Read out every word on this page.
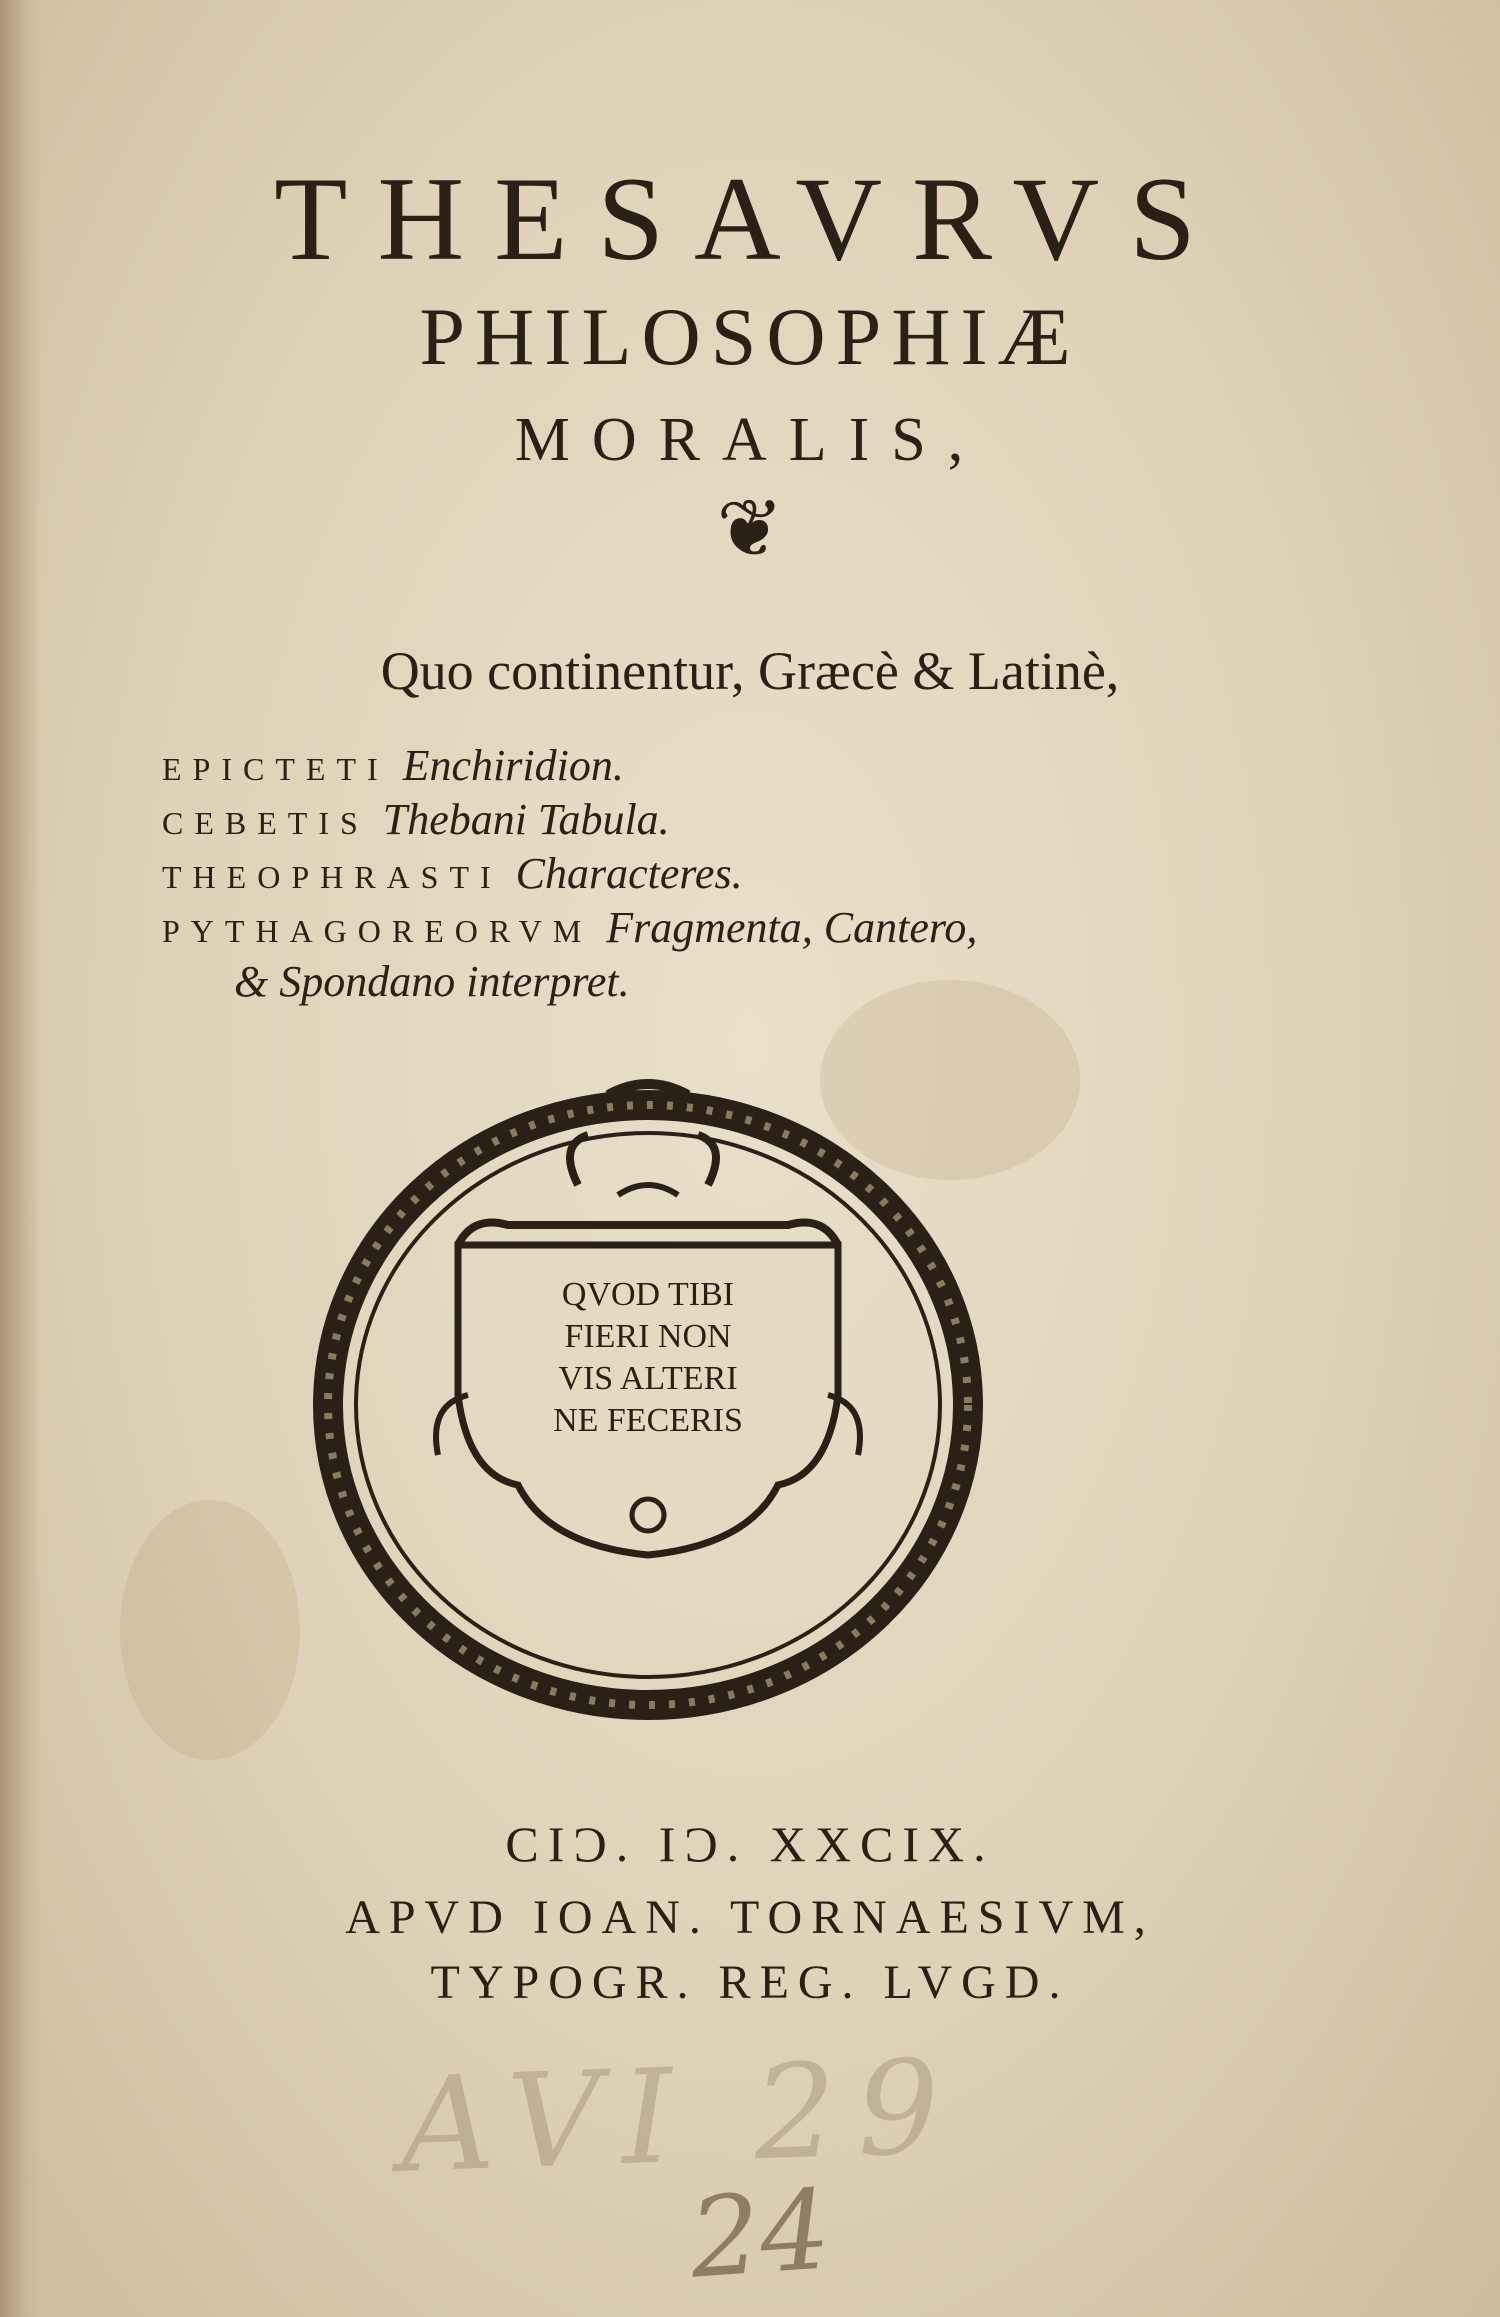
THESAVRVS
PHILOSOPHIÆ
MORALIS,
❦
Quo continentur, Græcè & Latinè,
EPICTETI Enchiridion.
CEBETIS Thebani Tabula.
THEOPHRASTI Characteres.
PYTHAGOREORVM Fragmenta, Cantero,
& Spondano interpret.
QVOD TIBI
FIERI NON
VIS ALTERI
NE FECERIS
CIƆ. IƆ. XXCIX.
APVD IOAN. TORNAESIVM,
TYPOGR. REG. LVGD.
AVI 29
24
